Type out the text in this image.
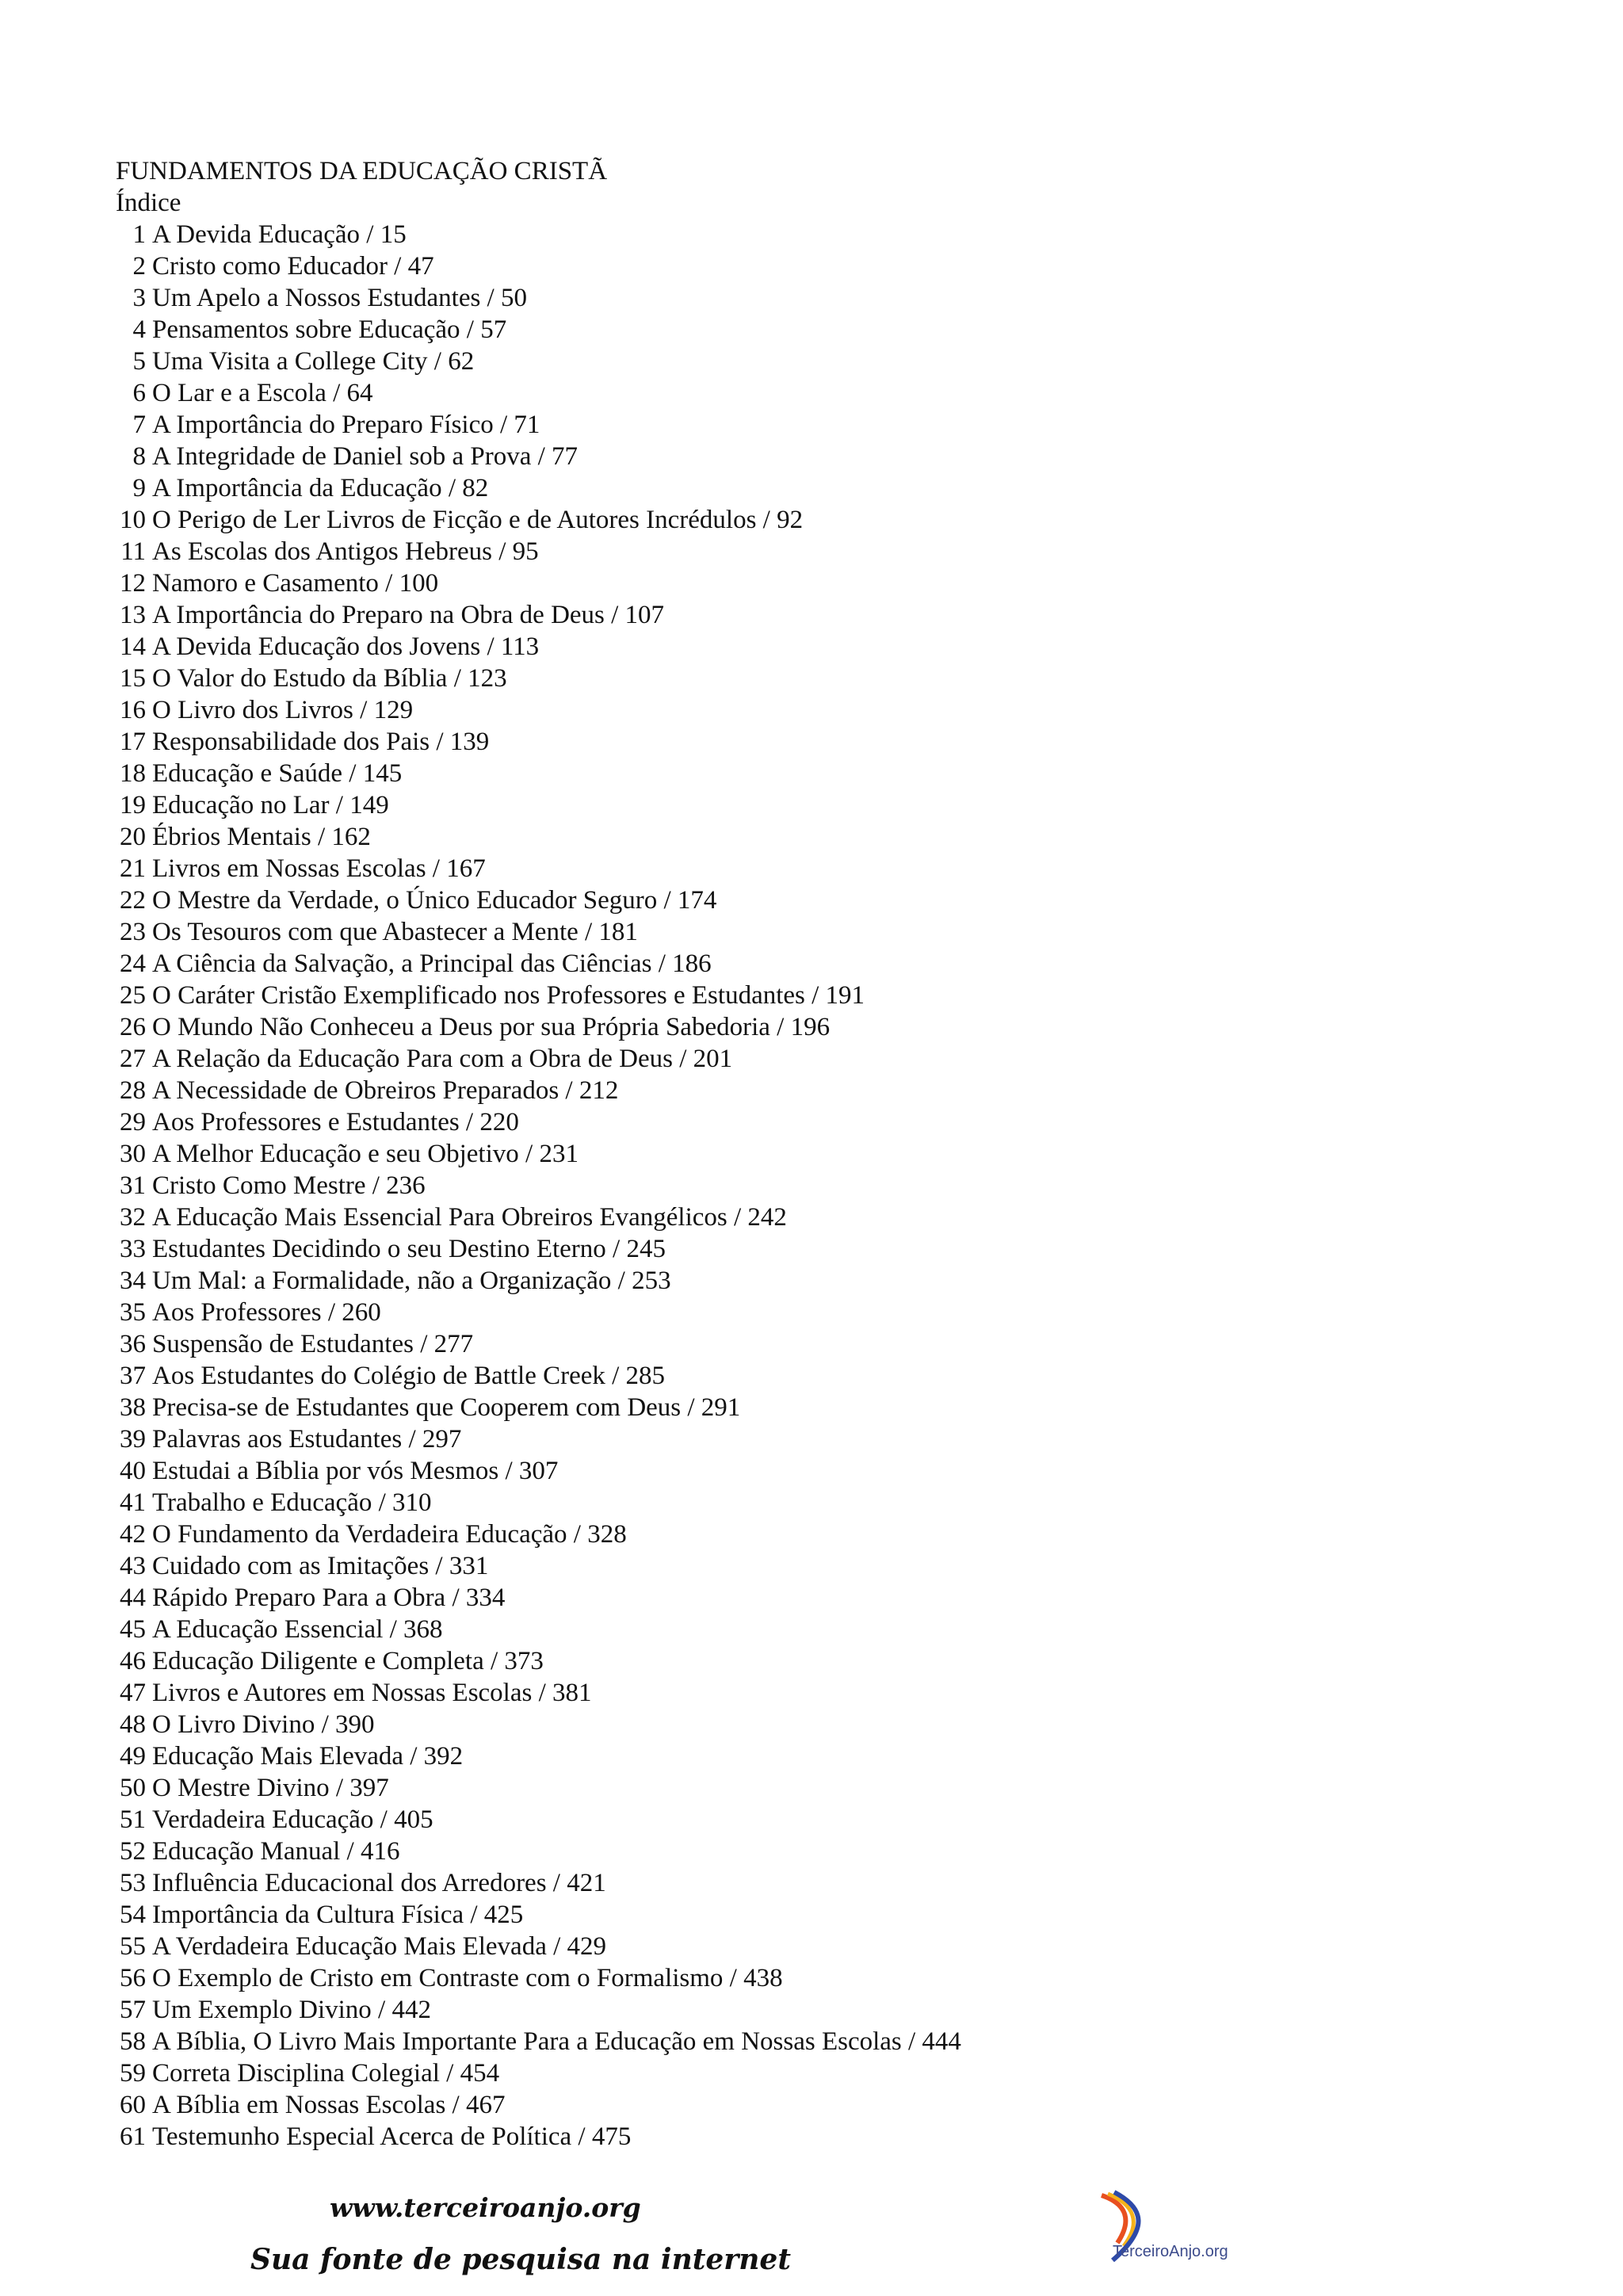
FUNDAMENTOS DA EDUCAÇÃO CRISTÃ
Índice
1 A Devida Educação / 15
2 Cristo como Educador / 47
3 Um Apelo a Nossos Estudantes / 50
4 Pensamentos sobre Educação / 57
5 Uma Visita a College City / 62
6 O Lar e a Escola / 64
7 A Importância do Preparo Físico / 71
8 A Integridade de Daniel sob a Prova / 77
9 A Importância da Educação / 82
10 O Perigo de Ler Livros de Ficção e de Autores Incrédulos / 92
11 As Escolas dos Antigos Hebreus / 95
12 Namoro e Casamento / 100
13 A Importância do Preparo na Obra de Deus / 107
14 A Devida Educação dos Jovens / 113
15 O Valor do Estudo da Bíblia / 123
16 O Livro dos Livros / 129
17 Responsabilidade dos Pais / 139
18 Educação e Saúde / 145
19 Educação no Lar / 149
20 Ébrios Mentais / 162
21 Livros em Nossas Escolas / 167
22 O Mestre da Verdade, o Único Educador Seguro / 174
23 Os Tesouros com que Abastecer a Mente / 181
24 A Ciência da Salvação, a Principal das Ciências / 186
25 O Caráter Cristão Exemplificado nos Professores e Estudantes / 191
26 O Mundo Não Conheceu a Deus por sua Própria Sabedoria / 196
27 A Relação da Educação Para com a Obra de Deus / 201
28 A Necessidade de Obreiros Preparados / 212
29 Aos Professores e Estudantes / 220
30 A Melhor Educação e seu Objetivo / 231
31 Cristo Como Mestre / 236
32 A Educação Mais Essencial Para Obreiros Evangélicos / 242
33 Estudantes Decidindo o seu Destino Eterno / 245
34 Um Mal: a Formalidade, não a Organização / 253
35 Aos Professores / 260
36 Suspensão de Estudantes / 277
37 Aos Estudantes do Colégio de Battle Creek / 285
38 Precisa-se de Estudantes que Cooperem com Deus / 291
39 Palavras aos Estudantes / 297
40 Estudai a Bíblia por vós Mesmos / 307
41 Trabalho e Educação / 310
42 O Fundamento da Verdadeira Educação / 328
43 Cuidado com as Imitações / 331
44 Rápido Preparo Para a Obra / 334
45 A Educação Essencial / 368
46 Educação Diligente e Completa / 373
47 Livros e Autores em Nossas Escolas / 381
48 O Livro Divino / 390
49 Educação Mais Elevada / 392
50 O Mestre Divino / 397
51 Verdadeira Educação / 405
52 Educação Manual / 416
53 Influência Educacional dos Arredores / 421
54 Importância da Cultura Física / 425
55 A Verdadeira Educação Mais Elevada / 429
56 O Exemplo de Cristo em Contraste com o Formalismo / 438
57 Um Exemplo Divino / 442
58 A Bíblia, O Livro Mais Importante Para a Educação em Nossas Escolas / 444
59 Correta Disciplina Colegial / 454
60 A Bíblia em Nossas Escolas / 467
61 Testemunho Especial Acerca de Política / 475
www.terceiroanjo.org
Sua fonte de pesquisa na internet	TerceiroAnjo.org
